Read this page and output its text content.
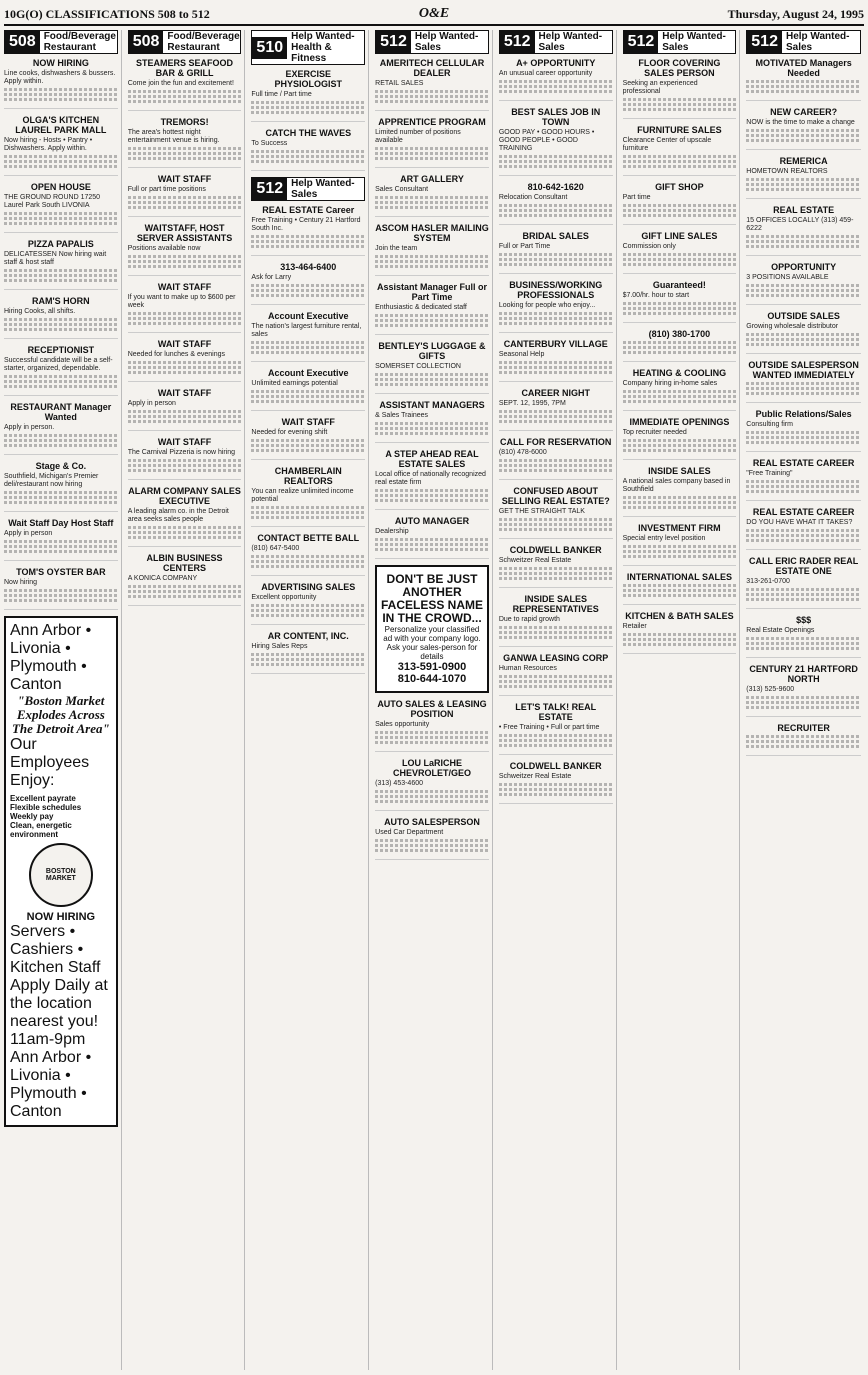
10G(O) CLASSIFICATIONS 508 to 512	O&E	Thursday, August 24, 1995
508 Food/Beverage Restaurant
NOW HIRING
Line cooks, dishwashers & bussers. Apply within.
OLGA'S KITCHEN LAUREL PARK MALL
Now hiring - Hosts • Pantry • Dishwashers. Apply within.
OPEN HOUSE
THE GROUND ROUND 17250 Laurel Park South LIVONIA
PIZZA PAPALIS
DELICATESSEN Now hiring wait staff & host staff
RAM'S HORN
Hiring Cooks, all shifts.
RECEPTIONIST
Successful candidate will be a self-starter, organized, dependable.
RESTAURANT Manager Wanted
Apply in person.
Stage & Co.
Southfield, Michigan's Premier deli/restaurant now hiring
Wait Staff Day Host Staff
Apply in person
TOM'S OYSTER BAR
Now hiring
Ann Arbor • Livonia • Plymouth • Canton
"Boston Market Explodes Across The Detroit Area"
Our Employees Enjoy:
Excellent payrate
Flexible schedules
Weekly pay
Clean, energetic environment
BOSTON MARKET
NOW HIRING
Servers • Cashiers • Kitchen Staff
Apply Daily at the location nearest you! 11am-9pm
Ann Arbor • Livonia • Plymouth • Canton
508 Food/Beverage Restaurant
STEAMERS SEAFOOD BAR & GRILL
Come join the fun and excitement!
TREMORS!
The area's hottest night entertainment venue is hiring.
WAIT STAFF
Full or part time positions
WAITSTAFF, HOST SERVER ASSISTANTS
Positions available now
WAIT STAFF
If you want to make up to $600 per week
WAIT STAFF
Needed for lunches & evenings
WAIT STAFF
Apply in person
WAIT STAFF
The Carnival Pizzeria is now hiring
ALARM COMPANY SALES EXECUTIVE
A leading alarm co. in the Detroit area seeks sales people
ALBIN BUSINESS CENTERS
A KONICA COMPANY
510
Help Wanted-Health & Fitness
EXERCISE PHYSIOLOGIST
Full time / Part time
CATCH THE WAVES
To Success
512 Help Wanted-Sales
REAL ESTATE Career
Free Training • Century 21 Hartford South Inc.
313-464-6400
Ask for Larry
Account Executive
The nation's largest furniture rental, sales
Account Executive
Unlimited earnings potential
WAIT STAFF
Needed for evening shift
CHAMBERLAIN REALTORS
You can realize unlimited income potential
CONTACT BETTE BALL
(810) 647-5400
ADVERTISING SALES
Excellent opportunity
AR CONTENT, INC.
Hiring Sales Reps
512 Help Wanted-Sales
AMERITECH CELLULAR DEALER
RETAIL SALES
APPRENTICE PROGRAM
Limited number of positions available
ART GALLERY
Sales Consultant
ASCOM HASLER MAILING SYSTEM
Join the team
Assistant Manager Full or Part Time
Enthusiastic & dedicated staff
BENTLEY'S LUGGAGE & GIFTS
SOMERSET COLLECTION
ASSISTANT MANAGERS
& Sales Trainees
A STEP AHEAD REAL ESTATE SALES
Local office of nationally recognized real estate firm
AUTO MANAGER
Dealership
DON'T BE JUST ANOTHER FACELESS NAME IN THE CROWD...
Personalize your classified ad with your company logo.
Ask your sales-person for details
313-591-0900
810-644-1070
AUTO SALES & LEASING POSITION
Sales opportunity
LOU LaRICHE CHEVROLET/GEO
(313) 453-4600
AUTO SALESPERSON
Used Car Department
512 Help Wanted-Sales
A+ OPPORTUNITY
An unusual career opportunity
BEST SALES JOB IN TOWN
GOOD PAY • GOOD HOURS • GOOD PEOPLE • GOOD TRAINING
810-642-1620
Relocation Consultant
BRIDAL SALES
Full or Part Time
BUSINESS/WORKING PROFESSIONALS
Looking for people who enjoy...
CANTERBURY VILLAGE
Seasonal Help
CAREER NIGHT
SEPT. 12, 1995, 7PM
CALL FOR RESERVATION
(810) 478-6000
CONFUSED ABOUT SELLING REAL ESTATE?
GET THE STRAIGHT TALK
COLDWELL BANKER
Schweitzer Real Estate
INSIDE SALES REPRESENTATIVES
Due to rapid growth
GANWA LEASING CORP
Human Resources
LET'S TALK! REAL ESTATE
• Free Training • Full or part time
COLDWELL BANKER
Schweitzer Real Estate
512 Help Wanted-Sales
FLOOR COVERING SALES PERSON
Seeking an experienced professional
FURNITURE SALES
Clearance Center of upscale furniture
GIFT SHOP
Part time
GIFT LINE SALES
Commission only
Guaranteed!
$7.00/hr. hour to start
(810) 380-1700
HEATING & COOLING
Company hiring in-home sales
IMMEDIATE OPENINGS
Top recruiter needed
INSIDE SALES
A national sales company based in Southfield
INVESTMENT FIRM
Special entry level position
INTERNATIONAL SALES
KITCHEN & BATH SALES
Retailer
512 Help Wanted-Sales
MOTIVATED Managers Needed
NEW CAREER?
NOW is the time to make a change
REMERICA
HOMETOWN REALTORS
REAL ESTATE
15 OFFICES LOCALLY (313) 459-6222
OPPORTUNITY
3 POSITIONS AVAILABLE
OUTSIDE SALES
Growing wholesale distributor
OUTSIDE SALESPERSON WANTED IMMEDIATELY
Public Relations/Sales
Consulting firm
REAL ESTATE CAREER
"Free Training"
REAL ESTATE CAREER
DO YOU HAVE WHAT IT TAKES?
CALL ERIC RADER REAL ESTATE ONE
313-261-0700
$$$
Real Estate Openings
CENTURY 21 HARTFORD NORTH
(313) 525-9600
RECRUITER
